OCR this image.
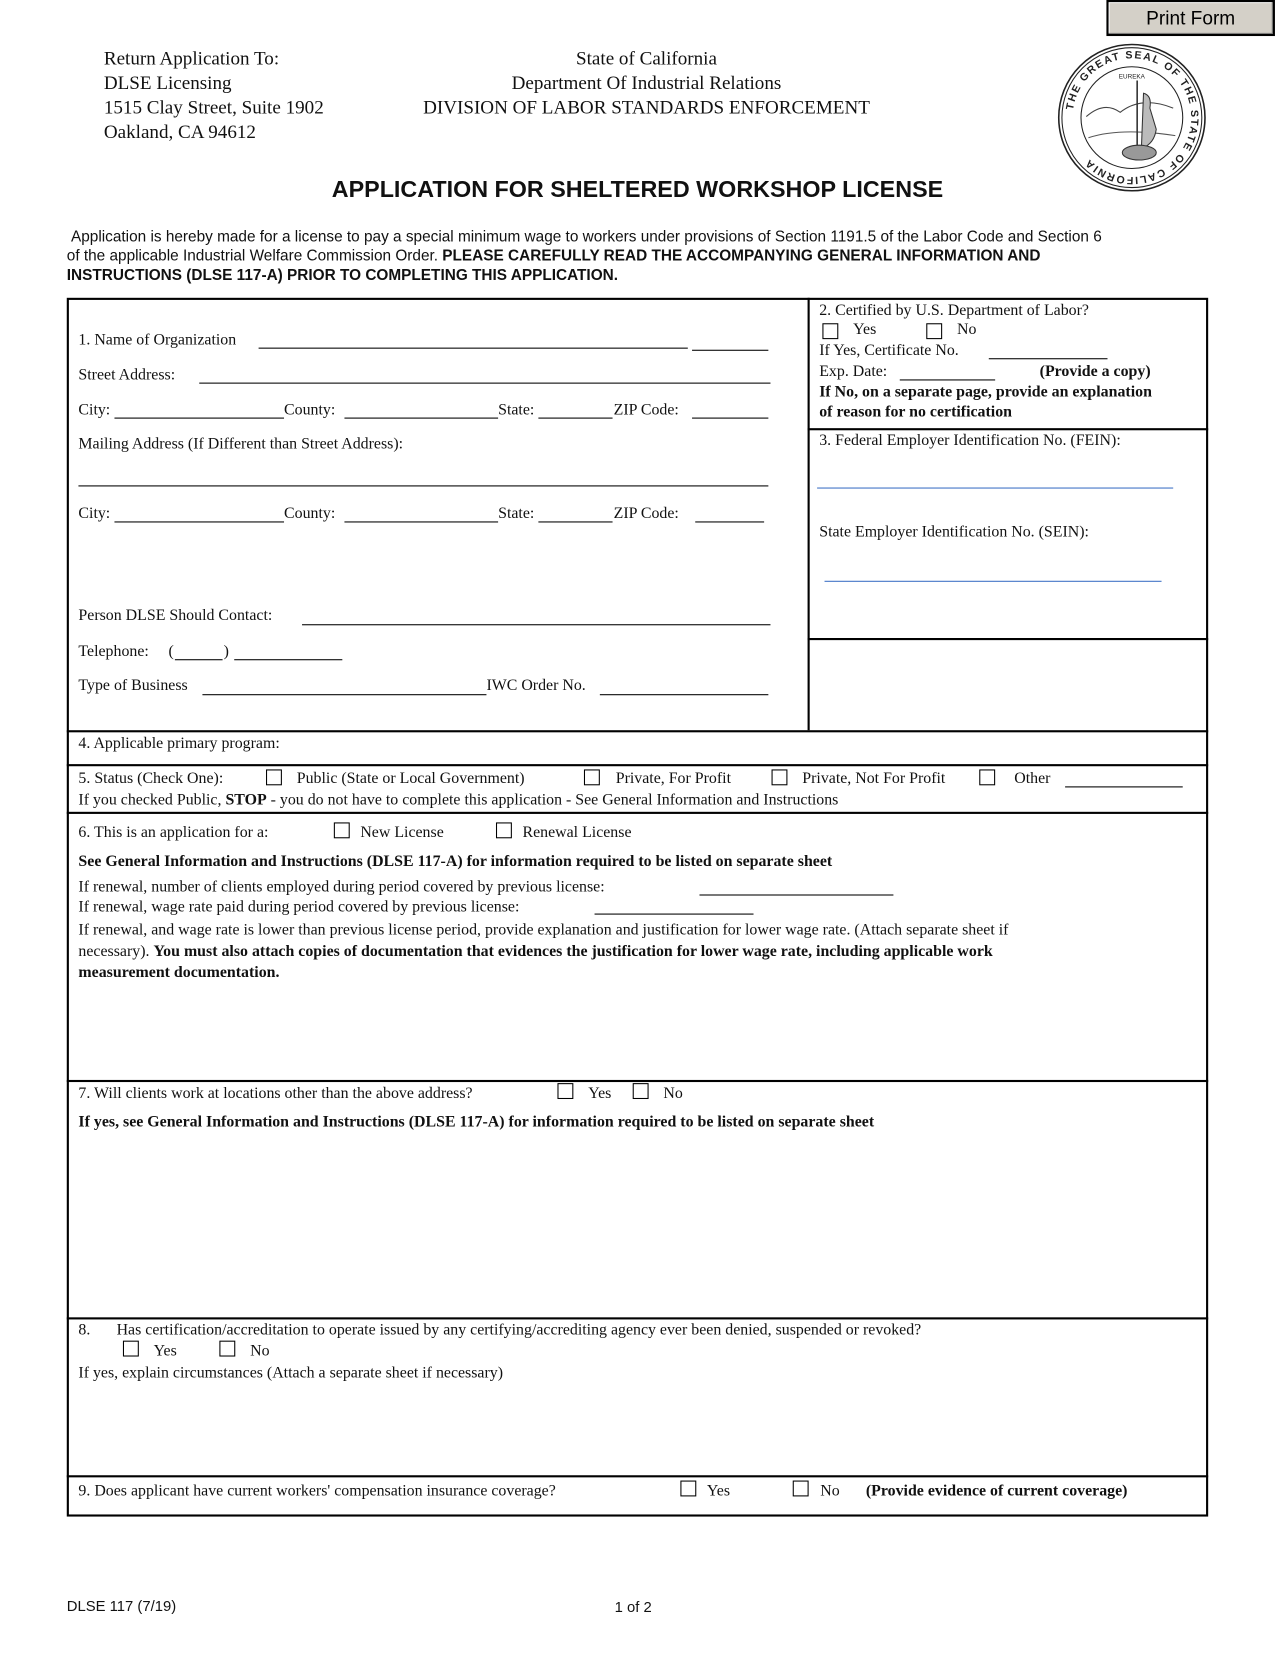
Print Form
Return Application To:
DLSE Licensing
1515 Clay Street, Suite 1902
Oakland, CA 94612
State of California
Department Of Industrial Relations
DIVISION OF LABOR STANDARDS ENFORCEMENT	THE GREAT SEAL OF THE STATE OF CALIFORNIA
EUREKA
APPLICATION FOR SHELTERED WORKSHOP LICENSE
Application is hereby made for a license to pay a special minimum wage to workers under provisions of Section 1191.5 of the Labor Code and Section 6
of the applicable Industrial Welfare Commission Order. PLEASE CAREFULLY READ THE ACCOMPANYING GENERAL INFORMATION AND
INSTRUCTIONS (DLSE 117-A) PRIOR TO COMPLETING THIS APPLICATION.
1. Name of Organization
Street Address:
City:	County:	State:	ZIP Code:
Mailing Address (If Different than Street Address):
City:	County:	State:	ZIP Code:
Person DLSE Should Contact:
Telephone: (	)
Type of Business	IWC Order No.
2. Certified by U.S. Department of Labor?
Yes	No
If Yes, Certificate No.
Exp. Date:	(Provide a copy)
If No, on a separate page, provide an explanation
of reason for no certification
3. Federal Employer Identification No. (FEIN):
State Employer Identification No. (SEIN):
4. Applicable primary program:
5. Status (Check One):	Public (State or Local Government)	Private, For Profit	Private, Not For Profit	Other
If you checked Public, STOP - you do not have to complete this application - See General Information and Instructions
6. This is an application for a:	New License	Renewal License
See General Information and Instructions (DLSE 117-A) for information required to be listed on separate sheet
If renewal, number of clients employed during period covered by previous license:
If renewal, wage rate paid during period covered by previous license:
If renewal, and wage rate is lower than previous license period, provide explanation and justification for lower wage rate. (Attach separate sheet if
necessary). You must also attach copies of documentation that evidences the justification for lower wage rate, including applicable work
measurement documentation.
7. Will clients work at locations other than the above address?	Yes	No
If yes, see General Information and Instructions (DLSE 117-A) for information required to be listed on separate sheet
8. Has certification/accreditation to operate issued by any certifying/accrediting agency ever been denied, suspended or revoked?
Yes	No
If yes, explain circumstances (Attach a separate sheet if necessary)
9. Does applicant have current workers' compensation insurance coverage?	Yes	No (Provide evidence of current coverage)
DLSE 117 (7/19)	1 of 2
